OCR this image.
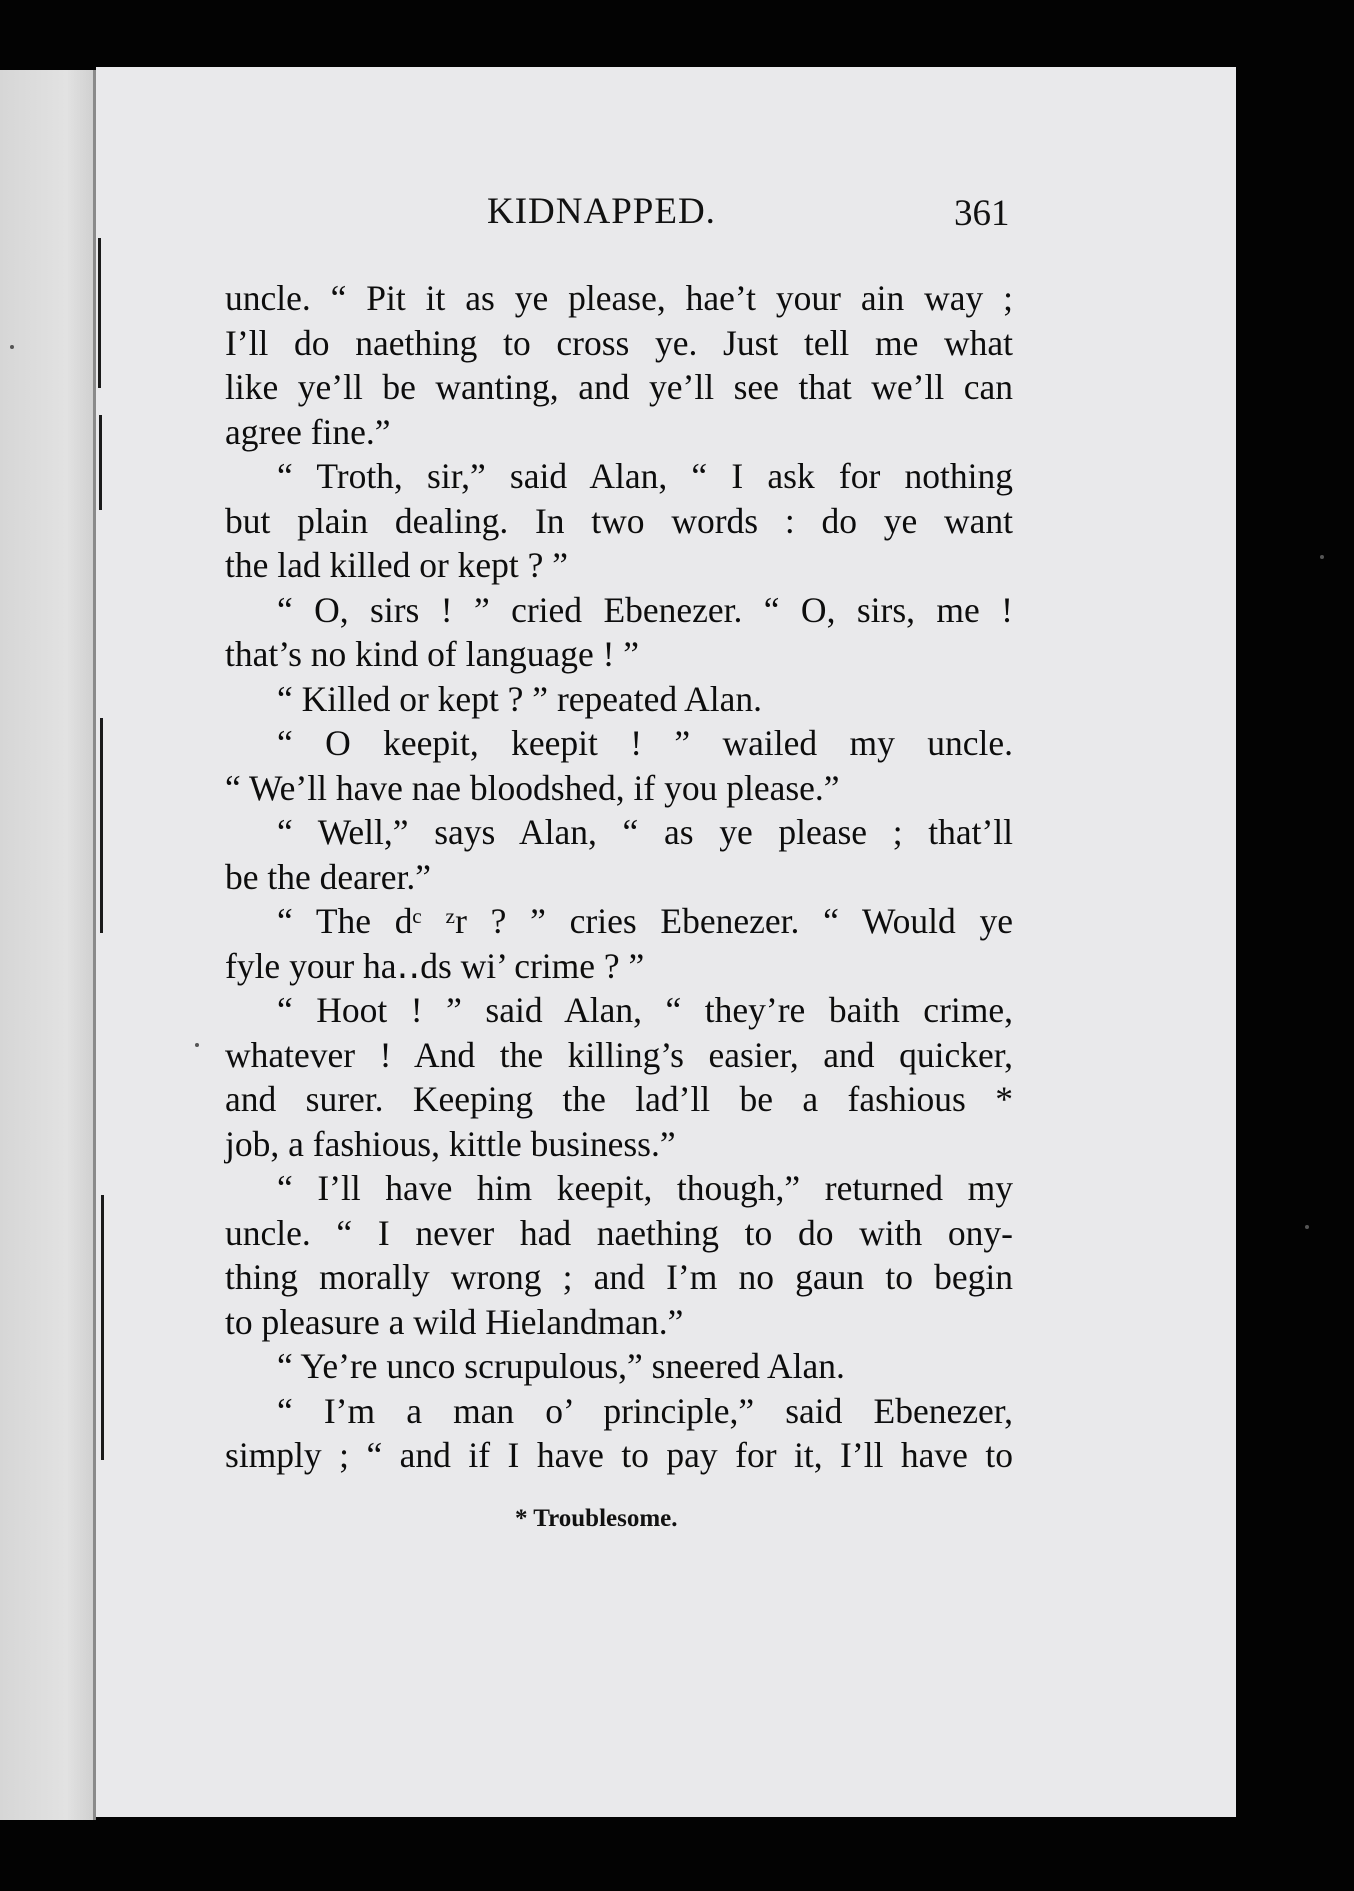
KIDNAPPED.	361
uncle. “ Pit it as ye please, hae’t your ain way ;
I’ll do naething to cross ye. Just tell me what
like ye’ll be wanting, and ye’ll see that we’ll can
agree fine.”
“ Troth, sir,” said Alan, “ I ask for nothing
but plain dealing. In two words : do ye want
the lad killed or kept ? ”
“ O, sirs ! ” cried Ebenezer. “ O, sirs, me !
that’s no kind of language ! ”
“ Killed or kept ? ” repeated Alan.
“ O keepit, keepit ! ” wailed my uncle.
“ We’ll have nae bloodshed, if you please.”
“ Well,” says Alan, “ as ye please ; that’ll
be the dearer.”
“ The dᶜ ᶻr ? ” cries Ebenezer. “ Would ye
fyle your ha‥ds wi’ crime ? ”
“ Hoot ! ” said Alan, “ they’re baith crime,
whatever ! And the killing’s easier, and quicker,
and surer. Keeping the lad’ll be a fashious *
job, a fashious, kittle business.”
“ I’ll have him keepit, though,” returned my
uncle. “ I never had naething to do with ony-
thing morally wrong ; and I’m no gaun to begin
to pleasure a wild Hielandman.”
“ Ye’re unco scrupulous,” sneered Alan.
“ I’m a man o’ principle,” said Ebenezer,
simply ; “ and if I have to pay for it, I’ll have to
* Troublesome.
